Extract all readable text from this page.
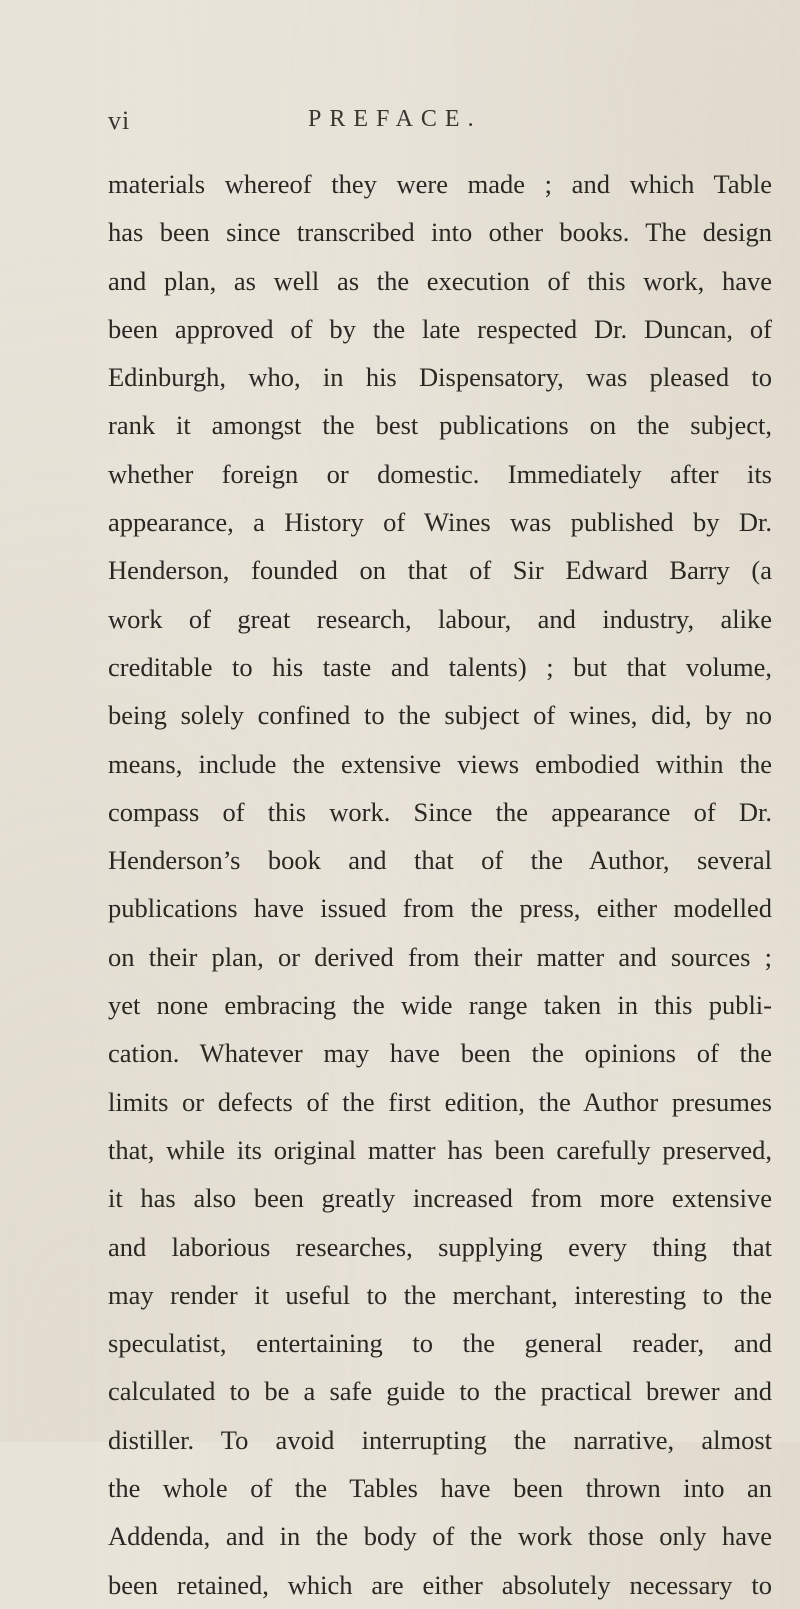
vi	PREFACE.
materials whereof they were made ; and which Table
has been since transcribed into other books. The design
and plan, as well as the execution of this work, have
been approved of by the late respected Dr. Duncan, of
Edinburgh, who, in his Dispensatory, was pleased to
rank it amongst the best publications on the subject,
whether foreign or domestic. Immediately after its
appearance, a History of Wines was published by Dr.
Henderson, founded on that of Sir Edward Barry (a
work of great research, labour, and industry, alike
creditable to his taste and talents) ; but that volume,
being solely confined to the subject of wines, did, by no
means, include the extensive views embodied within the
compass of this work. Since the appearance of Dr.
Henderson’s book and that of the Author, several
publications have issued from the press, either modelled
on their plan, or derived from their matter and sources ;
yet none embracing the wide range taken in this publi-
cation. Whatever may have been the opinions of the
limits or defects of the first edition, the Author presumes
that, while its original matter has been carefully preserved,
it has also been greatly increased from more extensive
and laborious researches, supplying every thing that
may render it useful to the merchant, interesting to the
speculatist, entertaining to the general reader, and
calculated to be a safe guide to the practical brewer and
distiller. To avoid interrupting the narrative, almost
the whole of the Tables have been thrown into an
Addenda, and in the body of the work those only have
been retained, which are either absolutely necessary to
